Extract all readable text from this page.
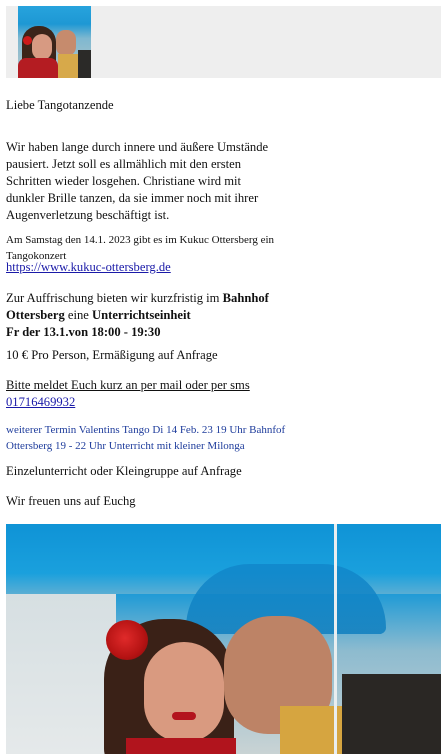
Liebe Tangotanzende

Wir haben lange durch innere und äußere Umstände pausiert. Jetzt soll es allmählich mit den ersten Schritten wieder losgehen. Christiane wird mit dunkler Brille tanzen, da sie immer noch mit ihrer Augenverletzung beschäftigt ist.

Am Samstag den 14.1. 2023 gibt es im Kukuc Ottersberg ein Tangokonzert

https://www.kukuc-ottersberg.de

Zur Auffrischung bieten wir kurzfristig im Bahnhof Ottersberg eine Unterrichtseinheit
Fr der 13.1.von 18:00 - 19:30

10 € Pro Person, Ermäßigung auf Anfrage

Bitte meldet Euch kurz an per mail oder per sms
01716469932

weiterer Termin Valentins Tango Di 14 Feb. 23 19 Uhr Bahnfof Ottersberg 19 - 22 Uhr Unterricht mit kleiner Milonga

Einzelunterricht oder Kleingruppe auf Anfrage

Wir freuen uns auf Euchg
